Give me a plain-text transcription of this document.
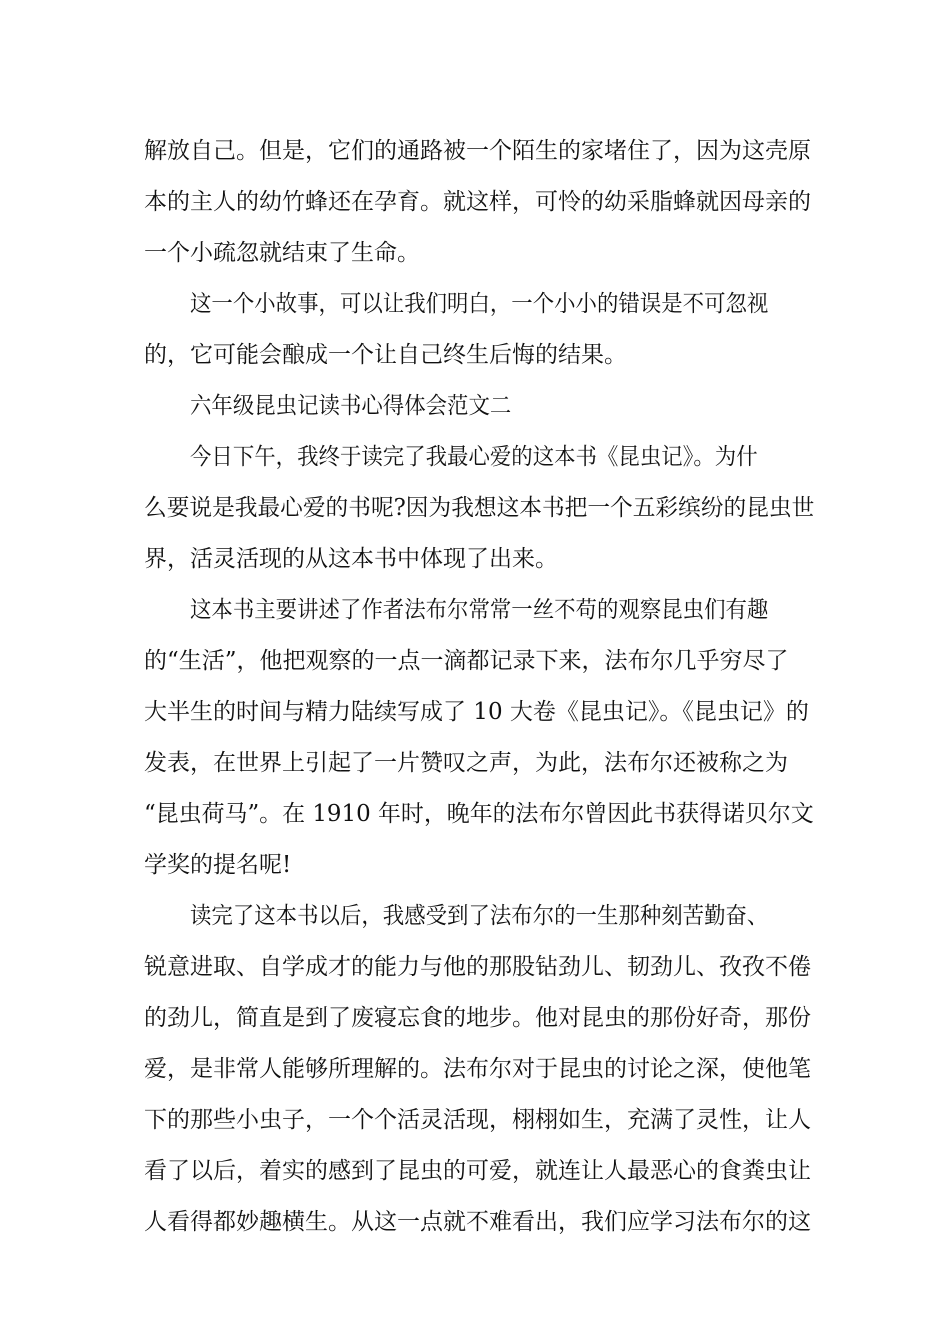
解放自己。但是，它们的通路被一个陌生的家堵住了，因为这壳原
本的主人的幼竹蜂还在孕育。就这样，可怜的幼采脂蜂就因母亲的
一个小疏忽就结束了生命。
这一个小故事，可以让我们明白，一个小小的错误是不可忽视
的，它可能会酿成一个让自己终生后悔的结果。
六年级昆虫记读书心得体会范文二
今日下午，我终于读完了我最心爱的这本书《昆虫记》。为什
么要说是我最心爱的书呢?因为我想这本书把一个五彩缤纷的昆虫世
界，活灵活现的从这本书中体现了出来。
这本书主要讲述了作者法布尔常常一丝不苟的观察昆虫们有趣
的“生活”，他把观察的一点一滴都记录下来，法布尔几乎穷尽了
大半生的时间与精力陆续写成了 10 大卷《昆虫记》。《昆虫记》的
发表，在世界上引起了一片赞叹之声，为此，法布尔还被称之为
“昆虫荷马”。在 1910 年时，晚年的法布尔曾因此书获得诺贝尔文
学奖的提名呢!
读完了这本书以后，我感受到了法布尔的一生那种刻苦勤奋、
锐意进取、自学成才的能力与他的那股钻劲儿、韧劲儿、孜孜不倦
的劲儿，简直是到了废寝忘食的地步。他对昆虫的那份好奇，那份
爱，是非常人能够所理解的。法布尔对于昆虫的讨论之深，使他笔
下的那些小虫子，一个个活灵活现，栩栩如生，充满了灵性，让人
看了以后，着实的感到了昆虫的可爱，就连让人最恶心的食粪虫让
人看得都妙趣横生。从这一点就不难看出，我们应学习法布尔的这
